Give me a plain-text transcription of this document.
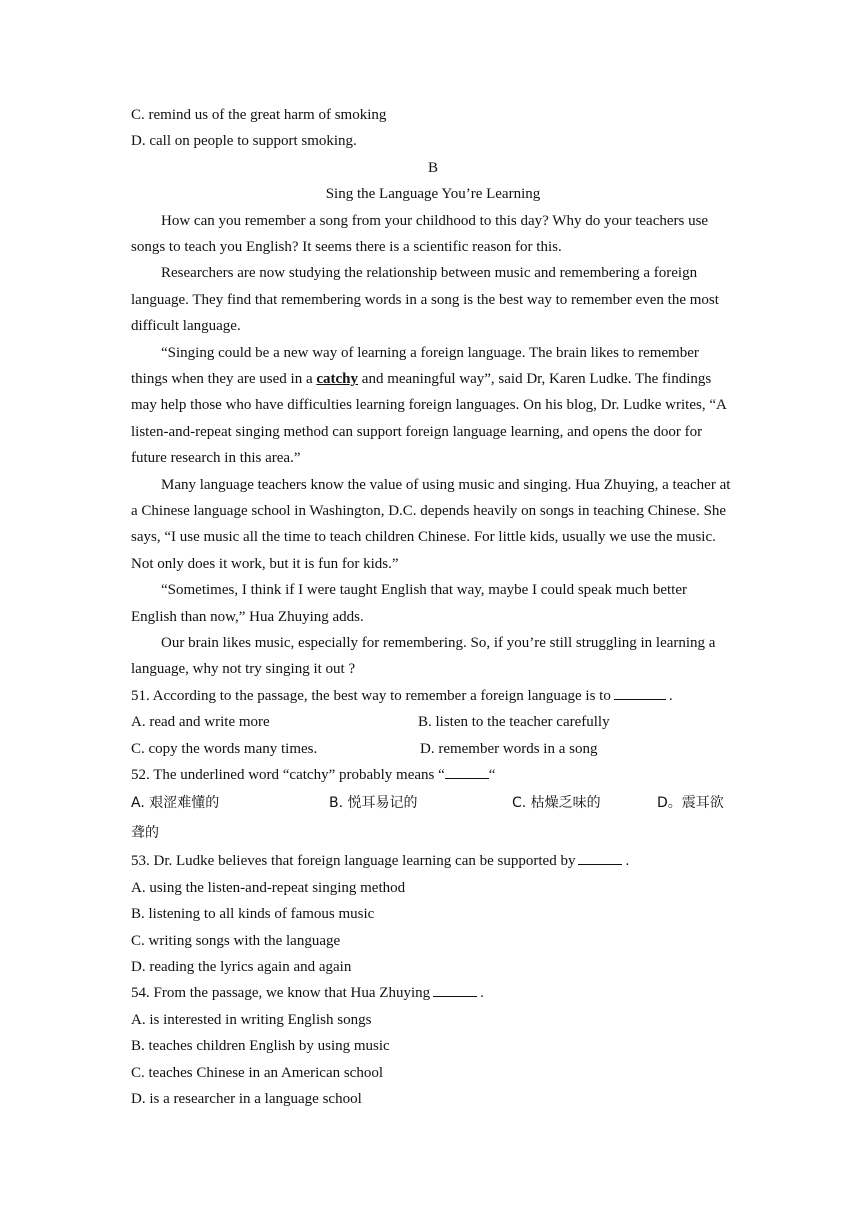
C. remind us of the great harm of smoking
D. call on people to support smoking.
B
Sing the Language You’re Learning

How can you remember a song from your childhood to this day? Why do your teachers use songs to teach you English? It seems there is a scientific reason for this.

Researchers are now studying the relationship between music and remembering a foreign language. They find that remembering words in a song is the best way to remember even the most difficult language.

“Singing could be a new way of learning a foreign language. The brain likes to remember things when they are used in a catchy and meaningful way”, said Dr, Karen Ludke. The findings may help those who have difficulties learning foreign languages. On his blog, Dr. Ludke writes, “A listen-and-repeat singing method can support foreign language learning, and opens the door for future research in this area.”

Many language teachers know the value of using music and singing. Hua Zhuying, a teacher at a Chinese language school in Washington, D.C. depends heavily on songs in teaching Chinese. She says, “I use music all the time to teach children Chinese. For little kids, usually we use the music. Not only does it work, but it is fun for kids.”

“Sometimes, I think if I were taught English that way, maybe I could speak much better English than now,” Hua Zhuying adds.

Our brain likes music, especially for remembering. So, if you’re still struggling in learning a language, why not try singing it out ?

51. According to the passage, the best way to remember a foreign language is to	.
A. read and write more	B. listen to the teacher carefully
C. copy the words many times.	D. remember words in a song
52. The underlined word “catchy” probably means “	“
A. 艰涩难懂的	B. 悦耳易记的	C. 枯燥乏味的	D。震耳欲
聋的
53. Dr. Ludke believes that foreign language learning can be supported by	.
A. using the listen-and-repeat singing method
B. listening to all kinds of famous music
C. writing songs with the language
D. reading the lyrics again and again
54. From the passage, we know that Hua Zhuying	.
A. is interested in writing English songs
B. teaches children English by using music
C. teaches Chinese in an American school
D. is a researcher in a language school
